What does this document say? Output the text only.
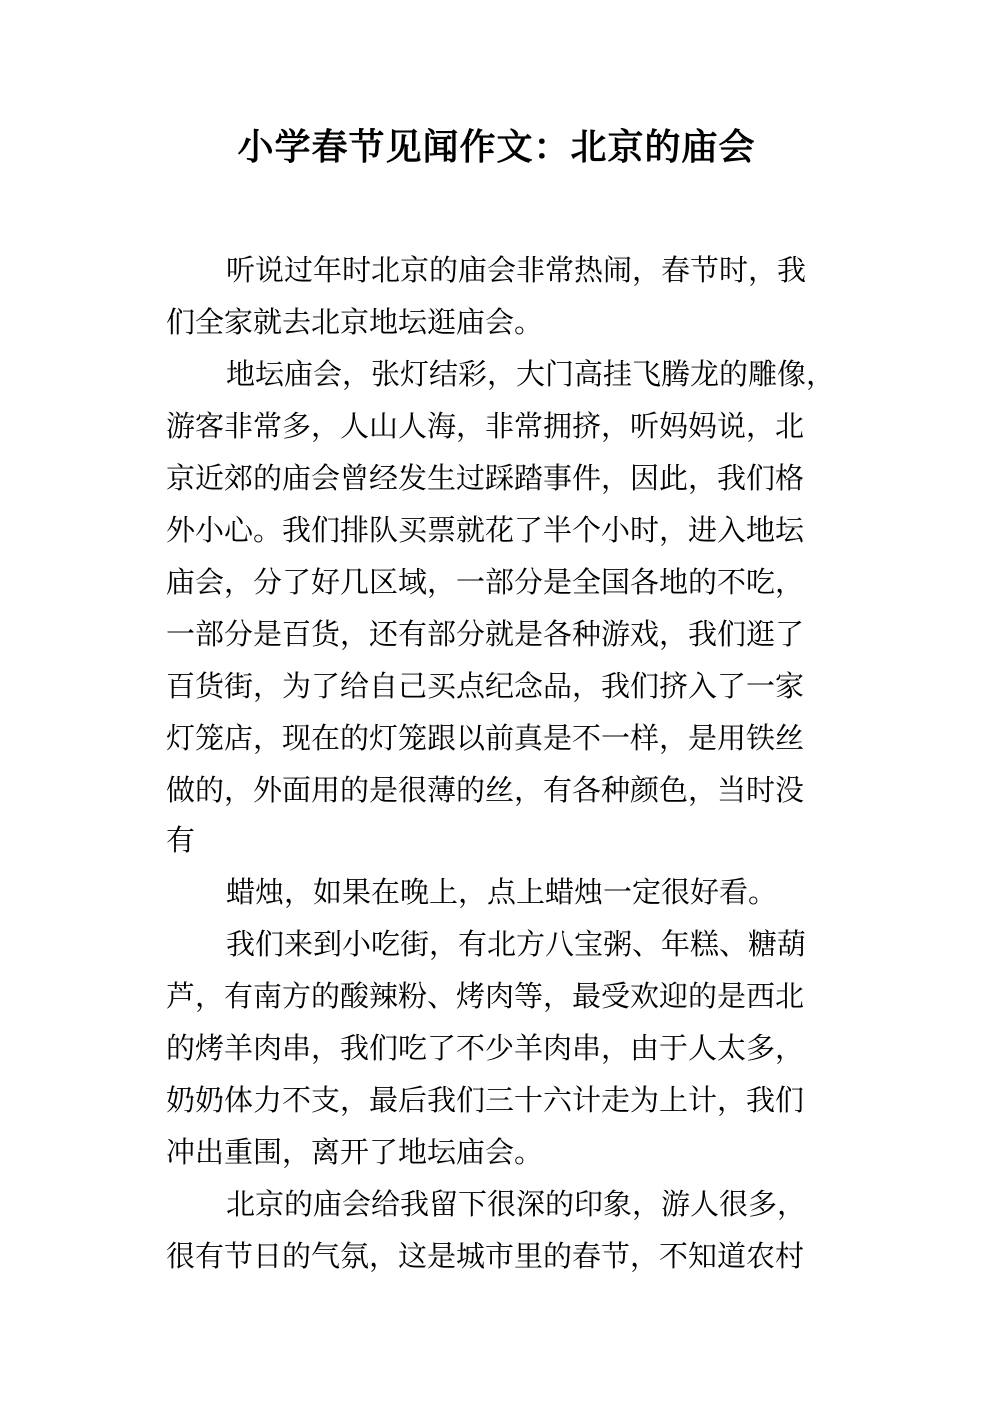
小学春节见闻作文：北京的庙会

听说过年时北京的庙会非常热闹，春节时，我

们全家就去北京地坛逛庙会。

地坛庙会，张灯结彩，大门高挂飞腾龙的雕像，

游客非常多，人山人海，非常拥挤，听妈妈说，北

京近郊的庙会曾经发生过踩踏事件，因此，我们格

外小心。我们排队买票就花了半个小时，进入地坛

庙会，分了好几区域，一部分是全国各地的不吃，

一部分是百货，还有部分就是各种游戏，我们逛了

百货街，为了给自己买点纪念品，我们挤入了一家

灯笼店，现在的灯笼跟以前真是不一样，是用铁丝

做的，外面用的是很薄的丝，有各种颜色，当时没

有

蜡烛，如果在晚上，点上蜡烛一定很好看。

我们来到小吃街，有北方八宝粥、年糕、糖葫

芦，有南方的酸辣粉、烤肉等，最受欢迎的是西北

的烤羊肉串，我们吃了不少羊肉串，由于人太多，

奶奶体力不支，最后我们三十六计走为上计，我们

冲出重围，离开了地坛庙会。

北京的庙会给我留下很深的印象，游人很多，

很有节日的气氛，这是城市里的春节，不知道农村
